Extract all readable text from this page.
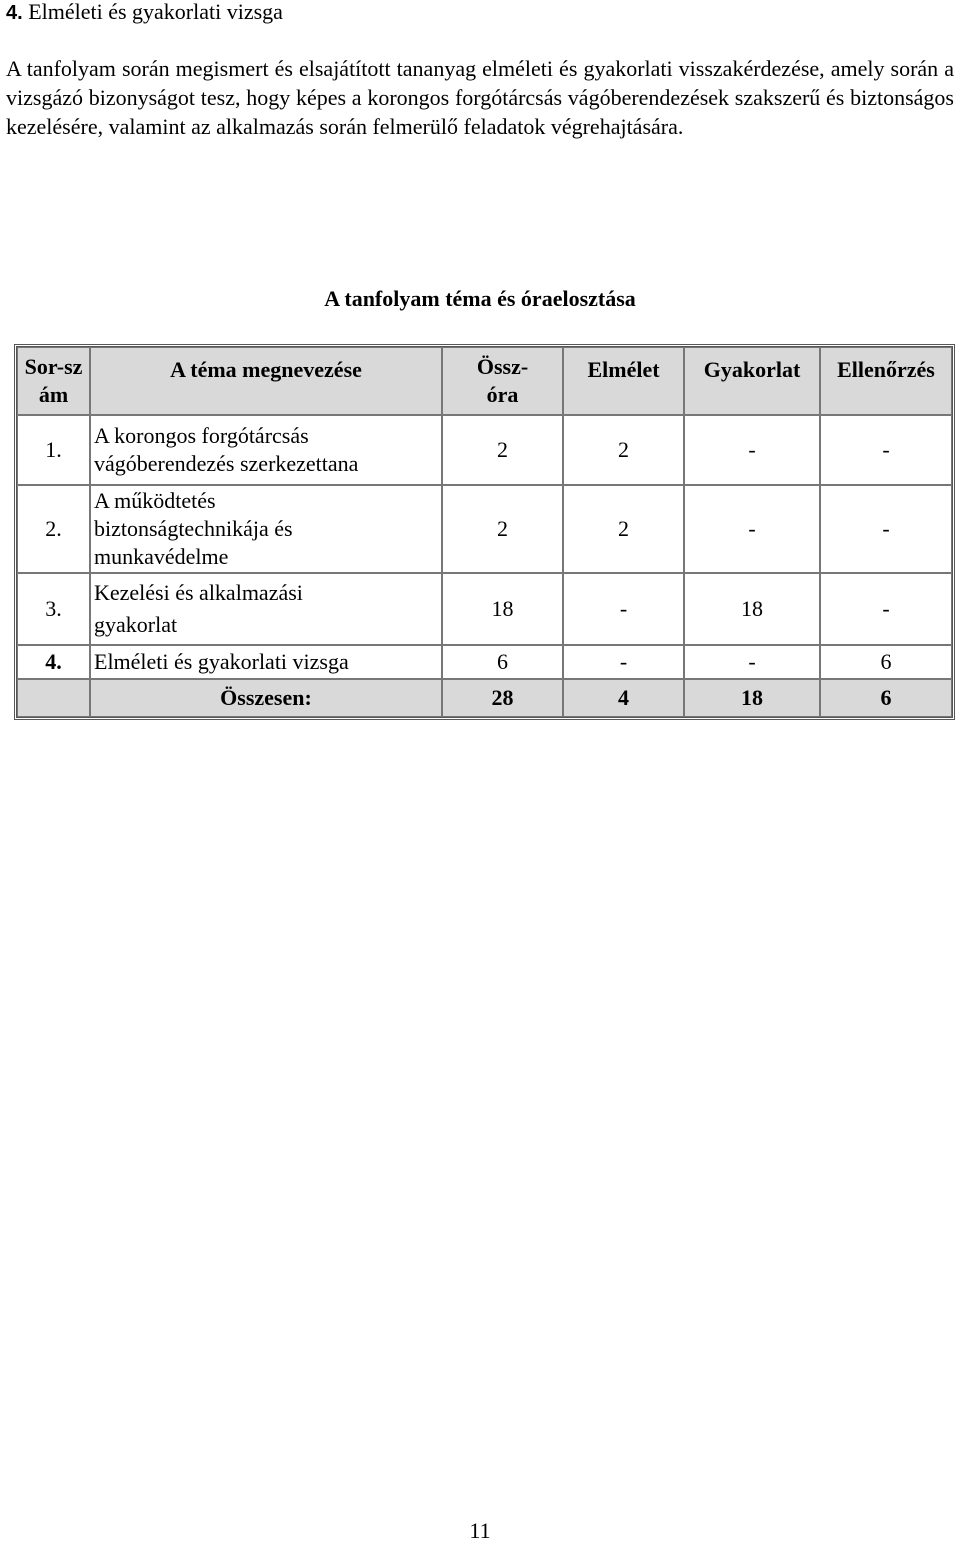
4. Elméleti és gyakorlati vizsga
A tanfolyam során megismert és elsajátított tananyag elméleti és gyakorlati visszakérdezése, amely során a vizsgázó bizonyságot tesz, hogy képes a korongos forgótárcsás vágóberendezések szakszerű és biztonságos kezelésére, valamint az alkalmazás során felmerülő feladatok végrehajtására.
A tanfolyam téma és óraelosztása
Sor-szám	A téma megnevezése	Össz-óra	Elmélet	Gyakorlat	Ellenőrzés
1.	A korongos forgótárcsás vágóberendezés szerkezettana	2	2	-	-
2.	A működtetés biztonságtechnikája és munkavédelme	2	2	-	-
3.	Kezelési és alkalmazási gyakorlat	18	-	18	-
4.	Elméleti és gyakorlati vizsga	6	-	-	6
	Összesen:	28	4	18	6
11
